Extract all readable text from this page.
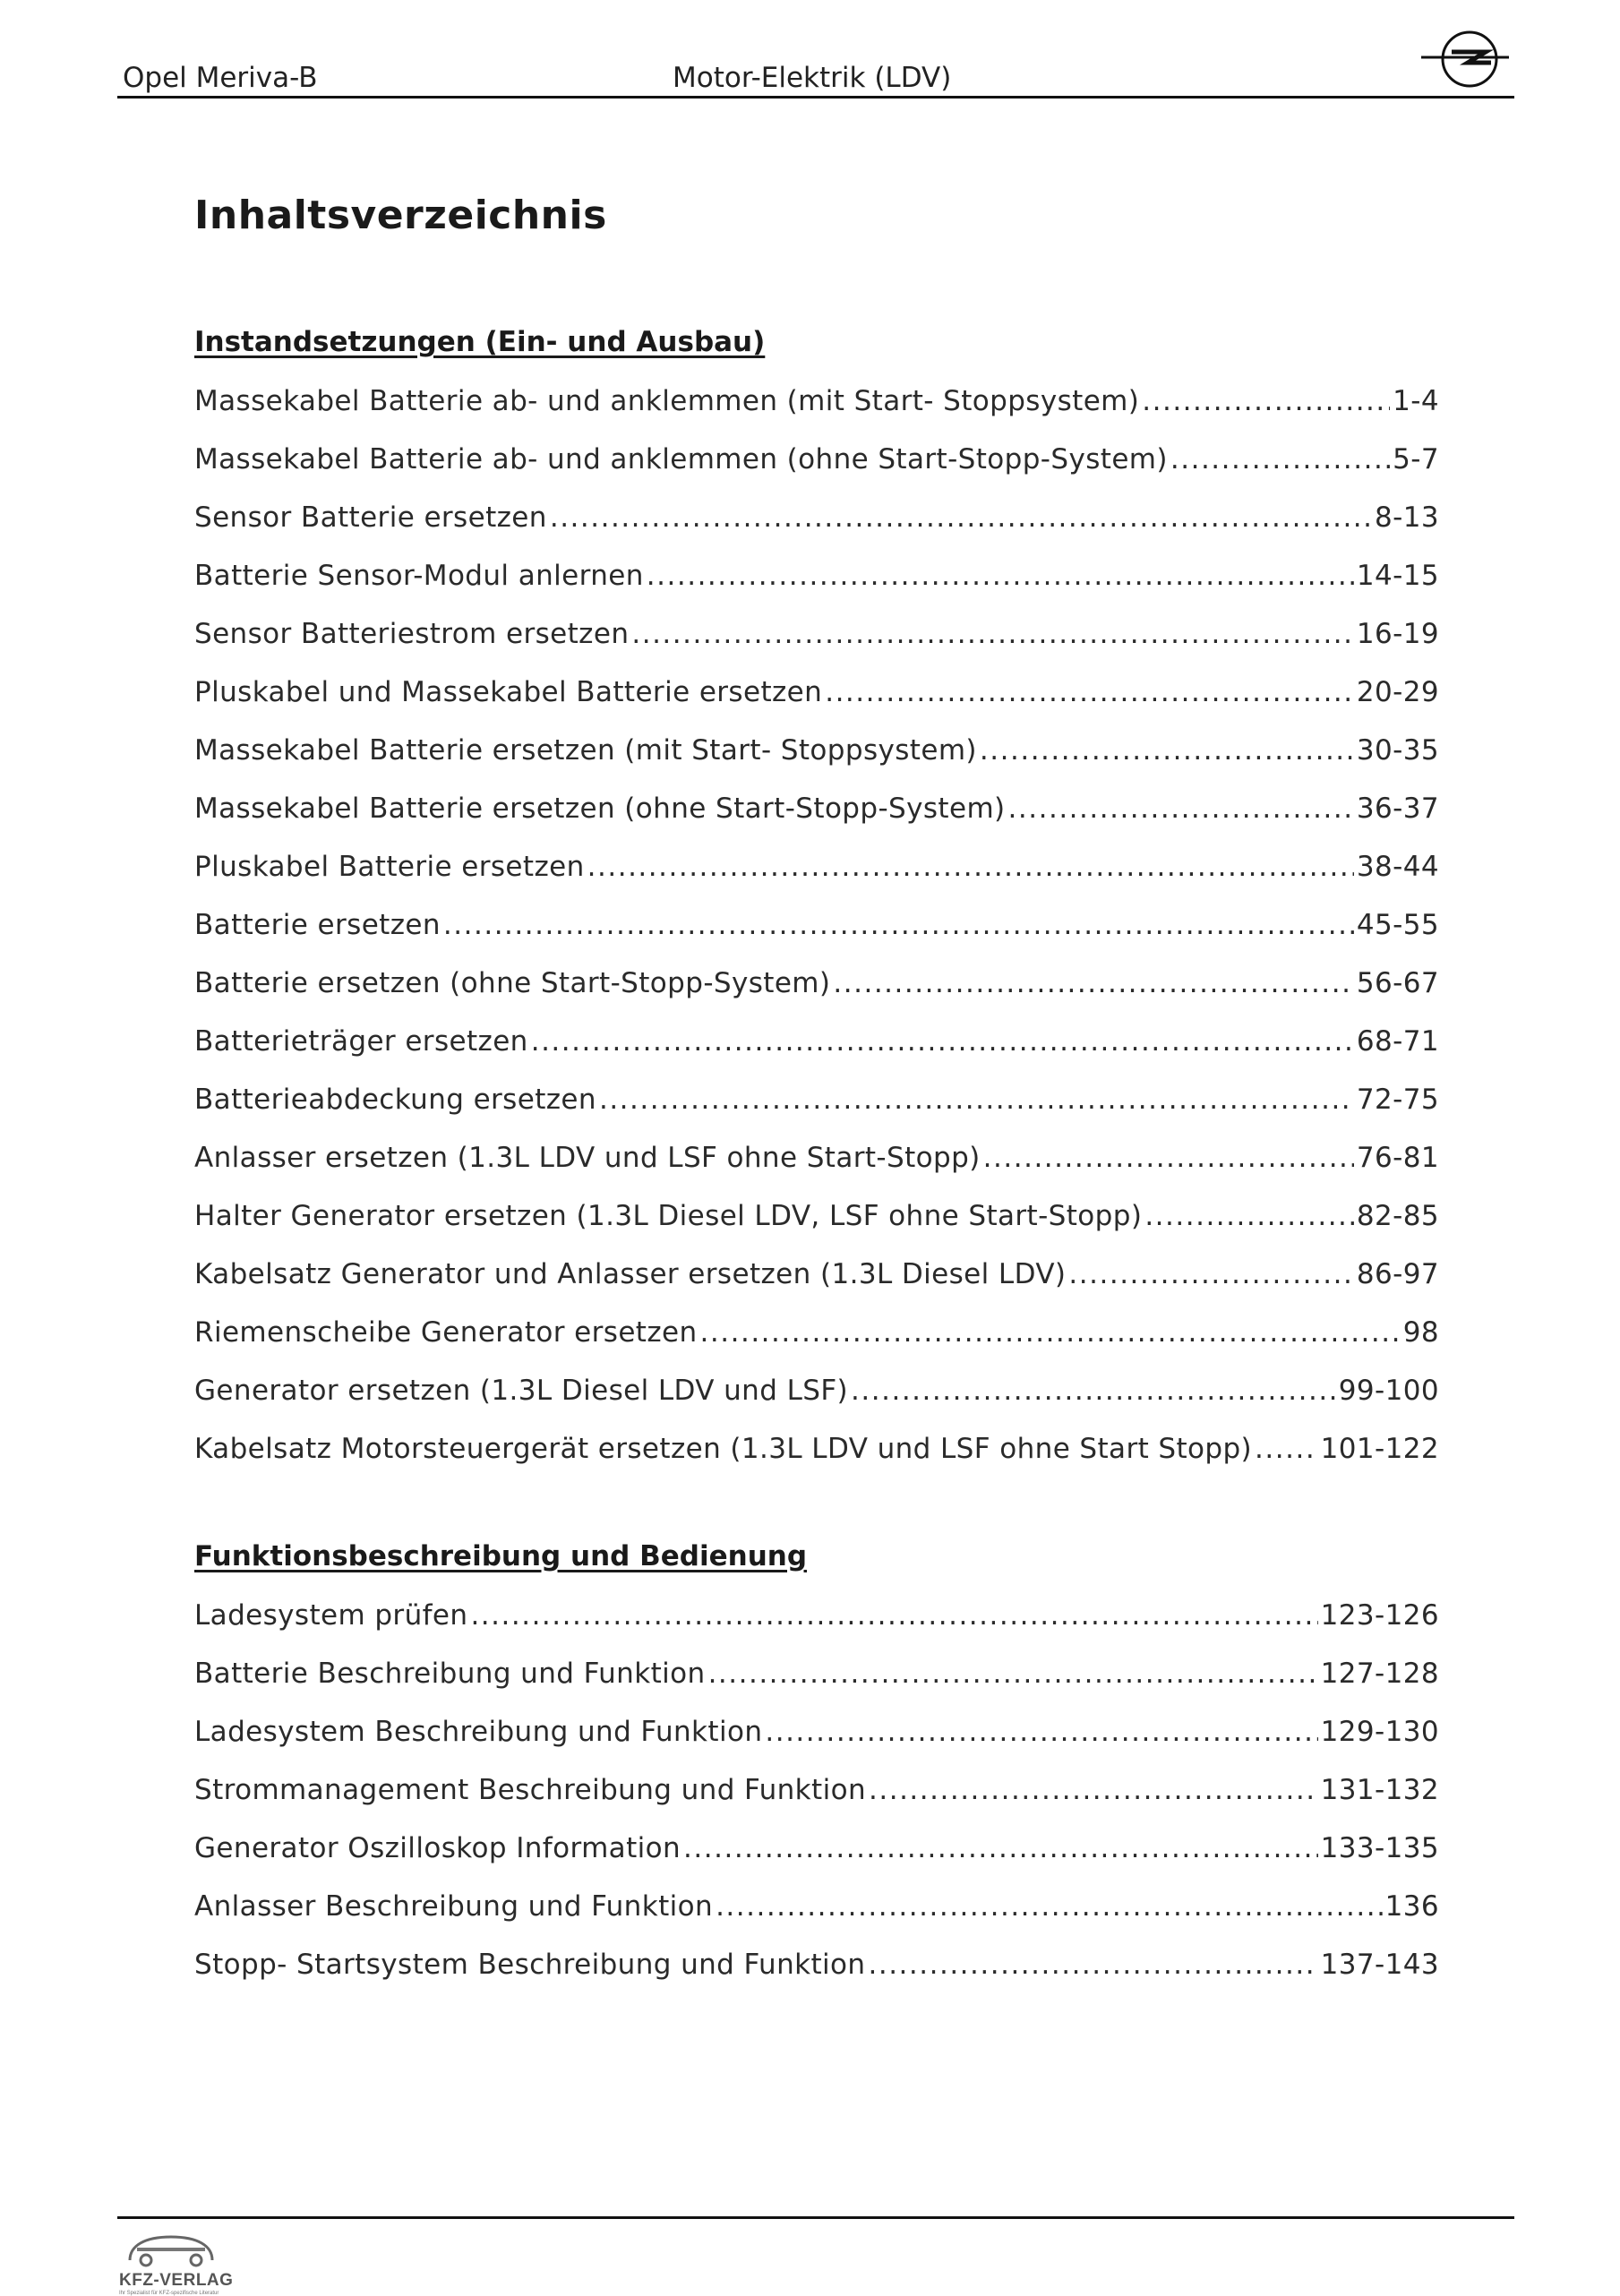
Opel Meriva-B	Motor-Elektrik (LDV)
Inhaltsverzeichnis
Instandsetzungen (Ein- und Ausbau)
Massekabel Batterie ab- und anklemmen (mit Start- Stoppsystem) .....	1-4
Massekabel Batterie ab- und anklemmen (ohne Start-Stopp-System) .....	5-7
Sensor Batterie ersetzen .....	8-13
Batterie Sensor-Modul anlernen .....	14-15
Sensor Batteriestrom ersetzen .....	16-19
Pluskabel und Massekabel Batterie ersetzen .....	20-29
Massekabel Batterie ersetzen (mit Start- Stoppsystem) .....	30-35
Massekabel Batterie ersetzen (ohne Start-Stopp-System) .....	36-37
Pluskabel Batterie ersetzen .....	38-44
Batterie ersetzen .....	45-55
Batterie ersetzen (ohne Start-Stopp-System) .....	56-67
Batterieträger ersetzen .....	68-71
Batterieabdeckung ersetzen .....	72-75
Anlasser ersetzen (1.3L LDV und LSF ohne Start-Stopp) .....	76-81
Halter Generator ersetzen (1.3L Diesel LDV, LSF ohne Start-Stopp) .....	82-85
Kabelsatz Generator und Anlasser ersetzen (1.3L Diesel LDV) .....	86-97
Riemenscheibe Generator ersetzen .....	98
Generator ersetzen (1.3L Diesel LDV und LSF) .....	99-100
Kabelsatz Motorsteuergerät ersetzen (1.3L LDV und LSF ohne Start Stopp) ..... 101-122
Funktionsbeschreibung und Bedienung
Ladesystem prüfen .....	123-126
Batterie Beschreibung und Funktion .....	127-128
Ladesystem Beschreibung und Funktion .....	129-130
Strommanagement Beschreibung und Funktion .....	131-132
Generator Oszilloskop Information .....	133-135
Anlasser Beschreibung und Funktion .....	136
Stopp- Startsystem Beschreibung und Funktion .....	137-143
KFZ-VERLAG
Ihr Spezialist für KFZ-spezifische Literatur
